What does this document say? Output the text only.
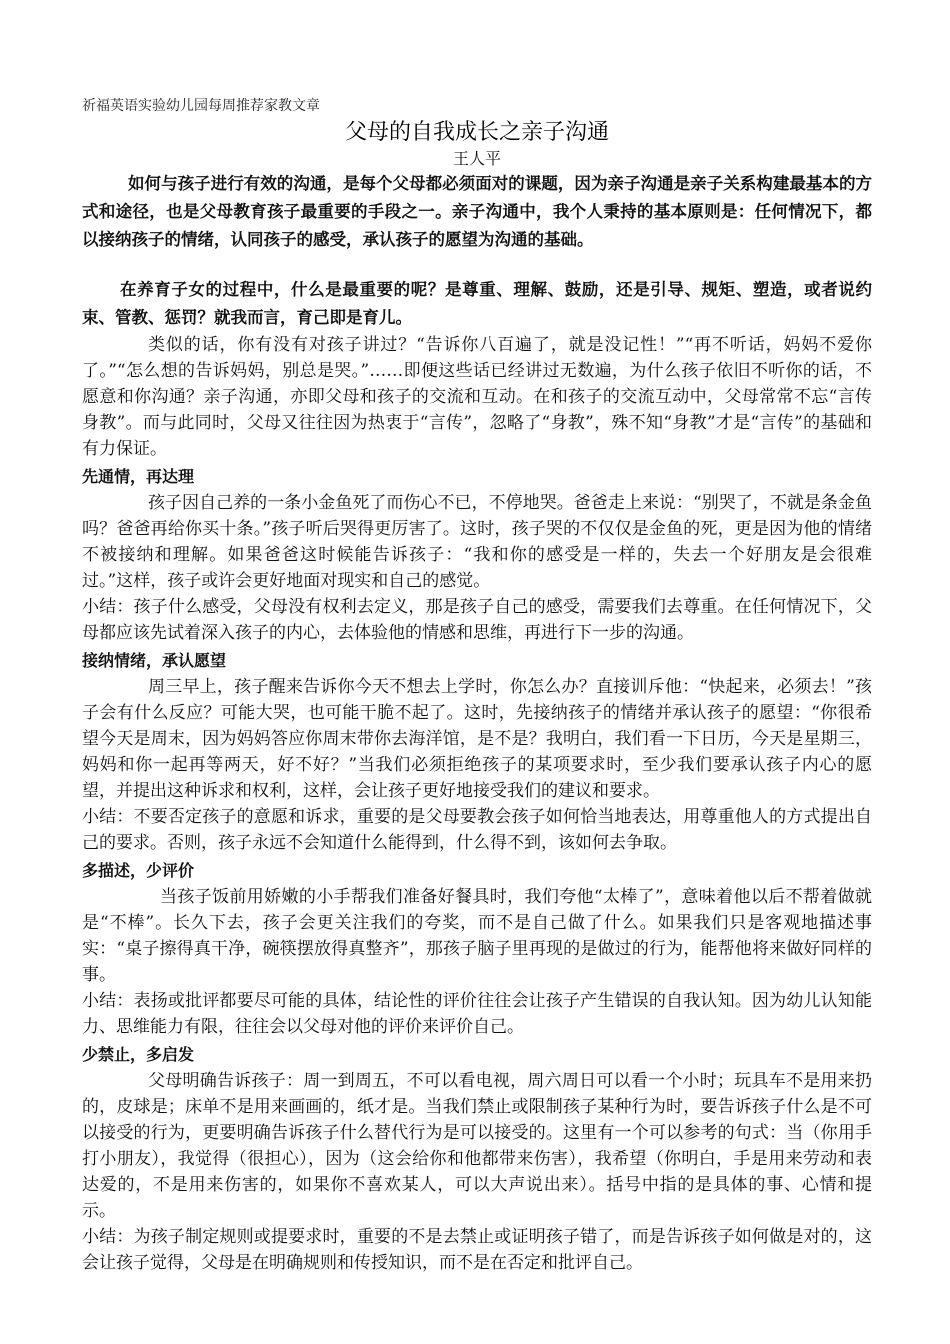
祈福英语实验幼儿园每周推荐家教文章
父母的自我成长之亲子沟通
王人平

如何与孩子进行有效的沟通，是每个父母都必须面对的课题，因为亲子沟通是亲子关系构建最基本的方式和途径，也是父母教育孩子最重要的手段之一。亲子沟通中，我个人秉持的基本原则是：任何情况下，都以接纳孩子的情绪，认同孩子的感受，承认孩子的愿望为沟通的基础。

在养育子女的过程中，什么是最重要的呢？是尊重、理解、鼓励，还是引导、规矩、塑造，或者说约束、管教、惩罚？就我而言，育己即是育儿。

类似的话，你有没有对孩子讲过？“告诉你八百遍了，就是没记性！”“再不听话，妈妈不爱你了。”“怎么想的告诉妈妈，别总是哭。”……即便这些话已经讲过无数遍，为什么孩子依旧不听你的话，不愿意和你沟通？亲子沟通，亦即父母和孩子的交流和互动。在和孩子的交流互动中，父母常常不忘“言传身教”。而与此同时，父母又往往因为热衷于“言传”，忽略了“身教”，殊不知“身教”才是“言传”的基础和有力保证。

先通情，再达理

孩子因自己养的一条小金鱼死了而伤心不已，不停地哭。爸爸走上来说：“别哭了，不就是条金鱼吗？爸爸再给你买十条。”孩子听后哭得更厉害了。这时，孩子哭的不仅仅是金鱼的死，更是因为他的情绪不被接纳和理解。如果爸爸这时候能告诉孩子：“我和你的感受是一样的，失去一个好朋友是会很难过。”这样，孩子或许会更好地面对现实和自己的感觉。

小结：孩子什么感受，父母没有权利去定义，那是孩子自己的感受，需要我们去尊重。在任何情况下，父母都应该先试着深入孩子的内心，去体验他的情感和思维，再进行下一步的沟通。

接纳情绪，承认愿望

周三早上，孩子醒来告诉你今天不想去上学时，你怎么办？直接训斥他：“快起来，必须去！”孩子会有什么反应？可能大哭，也可能干脆不起了。这时，先接纳孩子的情绪并承认孩子的愿望：“你很希望今天是周末，因为妈妈答应你周末带你去海洋馆，是不是？我明白，我们看一下日历，今天是星期三，妈妈和你一起再等两天，好不好？”当我们必须拒绝孩子的某项要求时，至少我们要承认孩子内心的愿望，并提出这种诉求和权利，这样，会让孩子更好地接受我们的建议和要求。

小结：不要否定孩子的意愿和诉求，重要的是父母要教会孩子如何恰当地表达，用尊重他人的方式提出自己的要求。否则，孩子永远不会知道什么能得到，什么得不到，该如何去争取。

多描述，少评价

当孩子饭前用娇嫩的小手帮我们准备好餐具时，我们夸他“太棒了”，意味着他以后不帮着做就是“不棒”。长久下去，孩子会更关注我们的夸奖，而不是自己做了什么。如果我们只是客观地描述事实：“桌子擦得真干净，碗筷摆放得真整齐”，那孩子脑子里再现的是做过的行为，能帮他将来做好同样的事。

小结：表扬或批评都要尽可能的具体，结论性的评价往往会让孩子产生错误的自我认知。因为幼儿认知能力、思维能力有限，往往会以父母对他的评价来评价自己。

少禁止，多启发

父母明确告诉孩子：周一到周五，不可以看电视，周六周日可以看一个小时；玩具车不是用来扔的，皮球是；床单不是用来画画的，纸才是。当我们禁止或限制孩子某种行为时，要告诉孩子什么是不可以接受的行为，更要明确告诉孩子什么替代行为是可以接受的。这里有一个可以参考的句式：当（你用手打小朋友），我觉得（很担心），因为（这会给你和他都带来伤害），我希望（你明白，手是用来劳动和表达爱的，不是用来伤害的，如果你不喜欢某人，可以大声说出来）。括号中指的是具体的事、心情和提示。

小结：为孩子制定规则或提要求时，重要的不是去禁止或证明孩子错了，而是告诉孩子如何做是对的，这会让孩子觉得，父母是在明确规则和传授知识，而不是在否定和批评自己。
